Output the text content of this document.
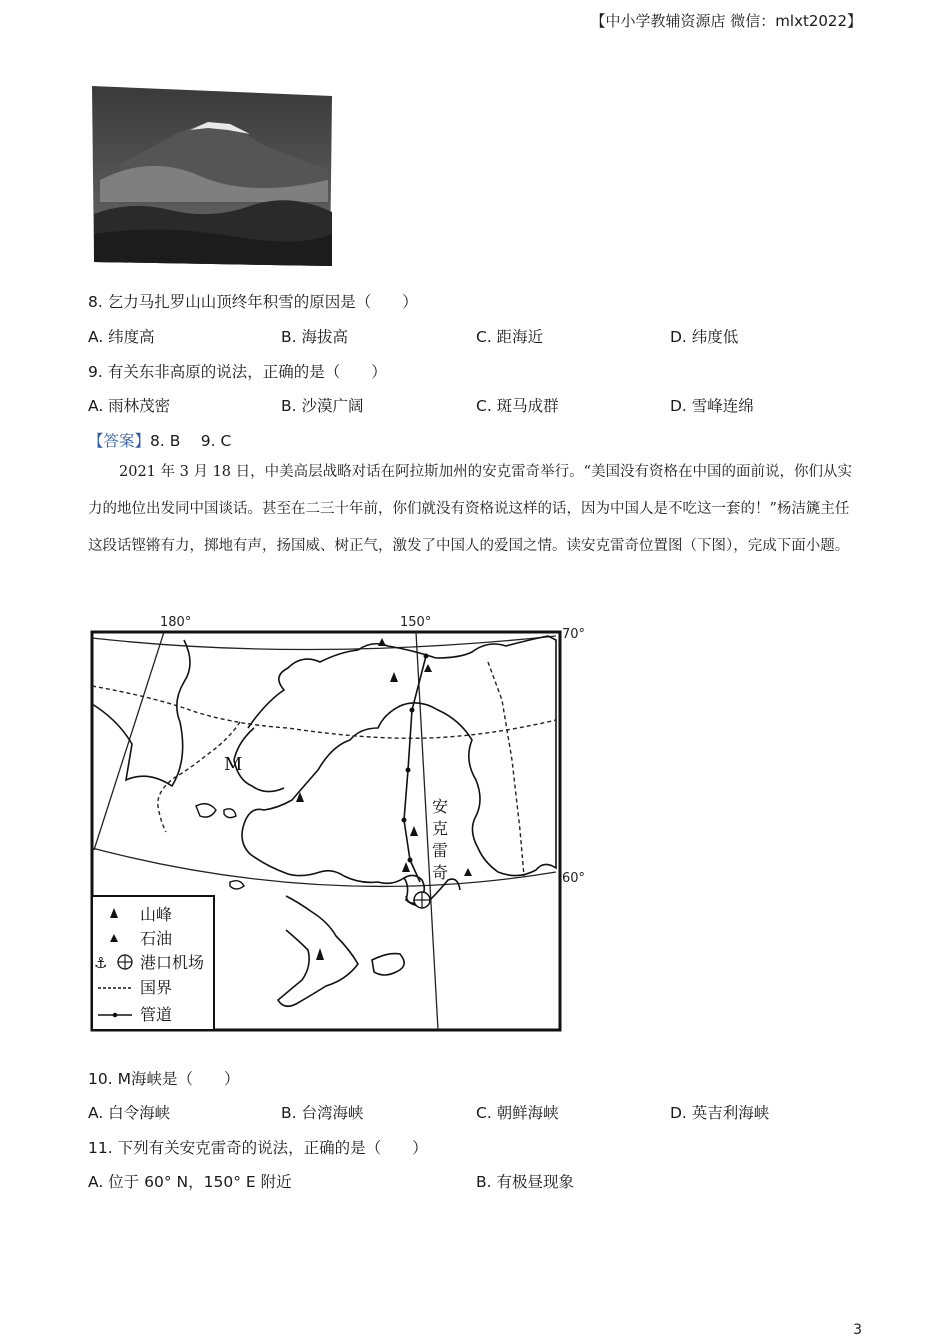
【中小学教辅资源店 微信：mlxt2022】
8. 乞力马扎罗山山顶终年积雪的原因是（　　）
A. 纬度高	B. 海拔高	C. 距海近	D. 纬度低
9. 有关东非高原的说法，正确的是（　　）
A. 雨林茂密	B. 沙漠广阔	C. 斑马成群	D. 雪峰连绵
【答案】8. B　 9. C

2021 年 3 月 18 日，中美高层战略对话在阿拉斯加州的安克雷奇举行。“美国没有资格在中国的面前说，你们从实力的地位出发同中国谈话。甚至在二三十年前，你们就没有资格说这样的话，因为中国人是不吃这一套的！”杨洁篪主任这段话铿锵有力，掷地有声，扬国威、树正气，激发了中国人的爱国之情。读安克雷奇位置图（下图），完成下面小题。

180°	150°
70°
60°
M
安
克
雷
奇
山峰
石油
⚓ 港口机场
国界
管道
10. M海峡是（　　）
A. 白令海峡	B. 台湾海峡	C. 朝鲜海峡	D. 英吉利海峡
11. 下列有关安克雷奇的说法，正确的是（　　）
A. 位于 60° N，150° E 附近	B. 有极昼现象
3
